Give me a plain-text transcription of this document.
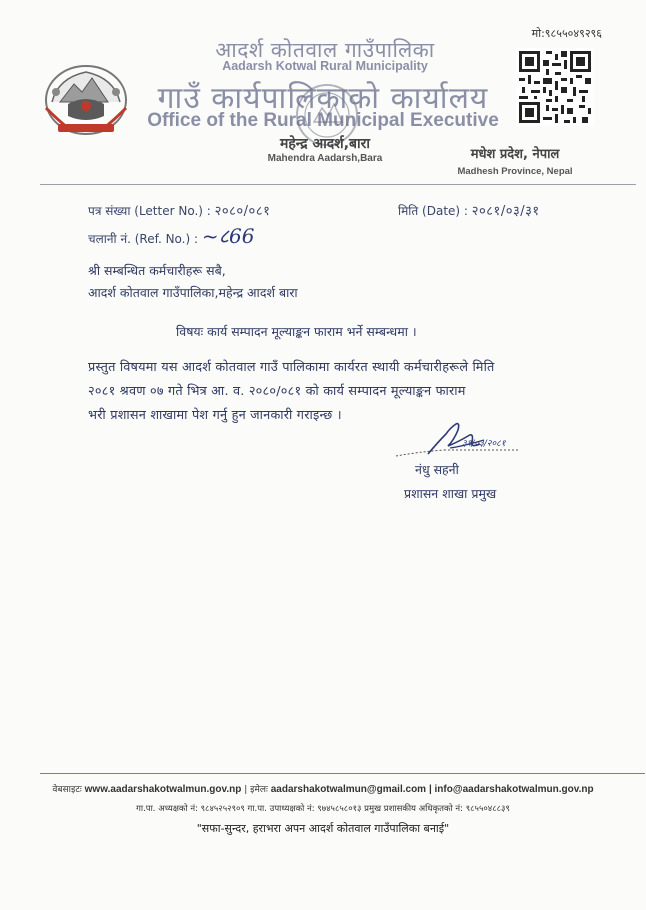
मो:९८५५०४९२९६
आदर्श कोतवाल गाउँपालिका
Aadarsh Kotwal Rural Municipality
गाउँ कार्यपालिकाको कार्यालय
Office of the Rural Municipal Executive
महेन्द्र आदर्श,बारा
Mahendra Aadarsh,Bara	मधेश प्रदेश, नेपाल
Madhesh Province, Nepal
पत्र संख्या (Letter No.) : २०८०/०८१	मिति (Date) : २०८१/०३/३१
चलानी नं. (Ref. No.) : ~८66
श्री सम्बन्धित कर्मचारीहरू सबै,
आदर्श कोतवाल गाउँपालिका,महेन्द्र आदर्श बारा
विषयः कार्य सम्पादन मूल्याङ्कन फाराम भर्ने सम्बन्धमा ।
प्रस्तुत विषयमा यस आदर्श कोतवाल गाउँ पालिकामा कार्यरत स्थायी कर्मचारीहरूले मिति
२०८१ श्रवण ०७ गते भित्र आ. व. २०८०/०८१ को कार्य सम्पादन मूल्याङ्कन फाराम
भरी प्रशासन शाखामा पेश गर्नु हुन जानकारी गराइन्छ ।
३१/०३/२०८१
नंधु सहनी
प्रशासन शाखा प्रमुख
वेबसाइटः www.aadarshakotwalmun.gov.np | इमेलः aadarshakotwalmun@gmail.com | info@aadarshakotwalmun.gov.np
गा.पा. अध्यक्षको नं: ९८४५२५२९०९ गा.पा. उपाध्यक्षको नं: ९७४५८५८०१३ प्रमुख प्रशासकीय अधिकृतको नं: ९८५५०४८८३९
"सफा-सुन्दर, हराभरा अपन आदर्श कोतवाल गाउँपालिका बनाई"
